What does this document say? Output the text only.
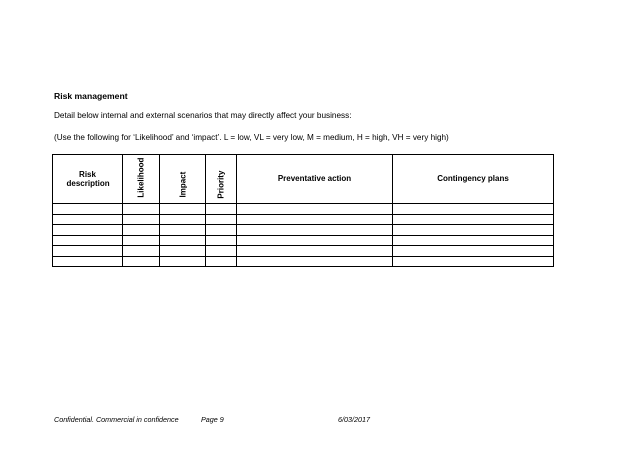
Risk management
Detail below internal and external scenarios that may directly affect your business:
(Use the following for ‘Likelihood’ and ‘impact’. L = low, VL = very low, M = medium, H = high, VH = very high)
Risk description	Likelihood	Impact	Priority	Preventative action	Contingency plans

Confidential. Commercial in confidence	Page 9	6/03/2017
